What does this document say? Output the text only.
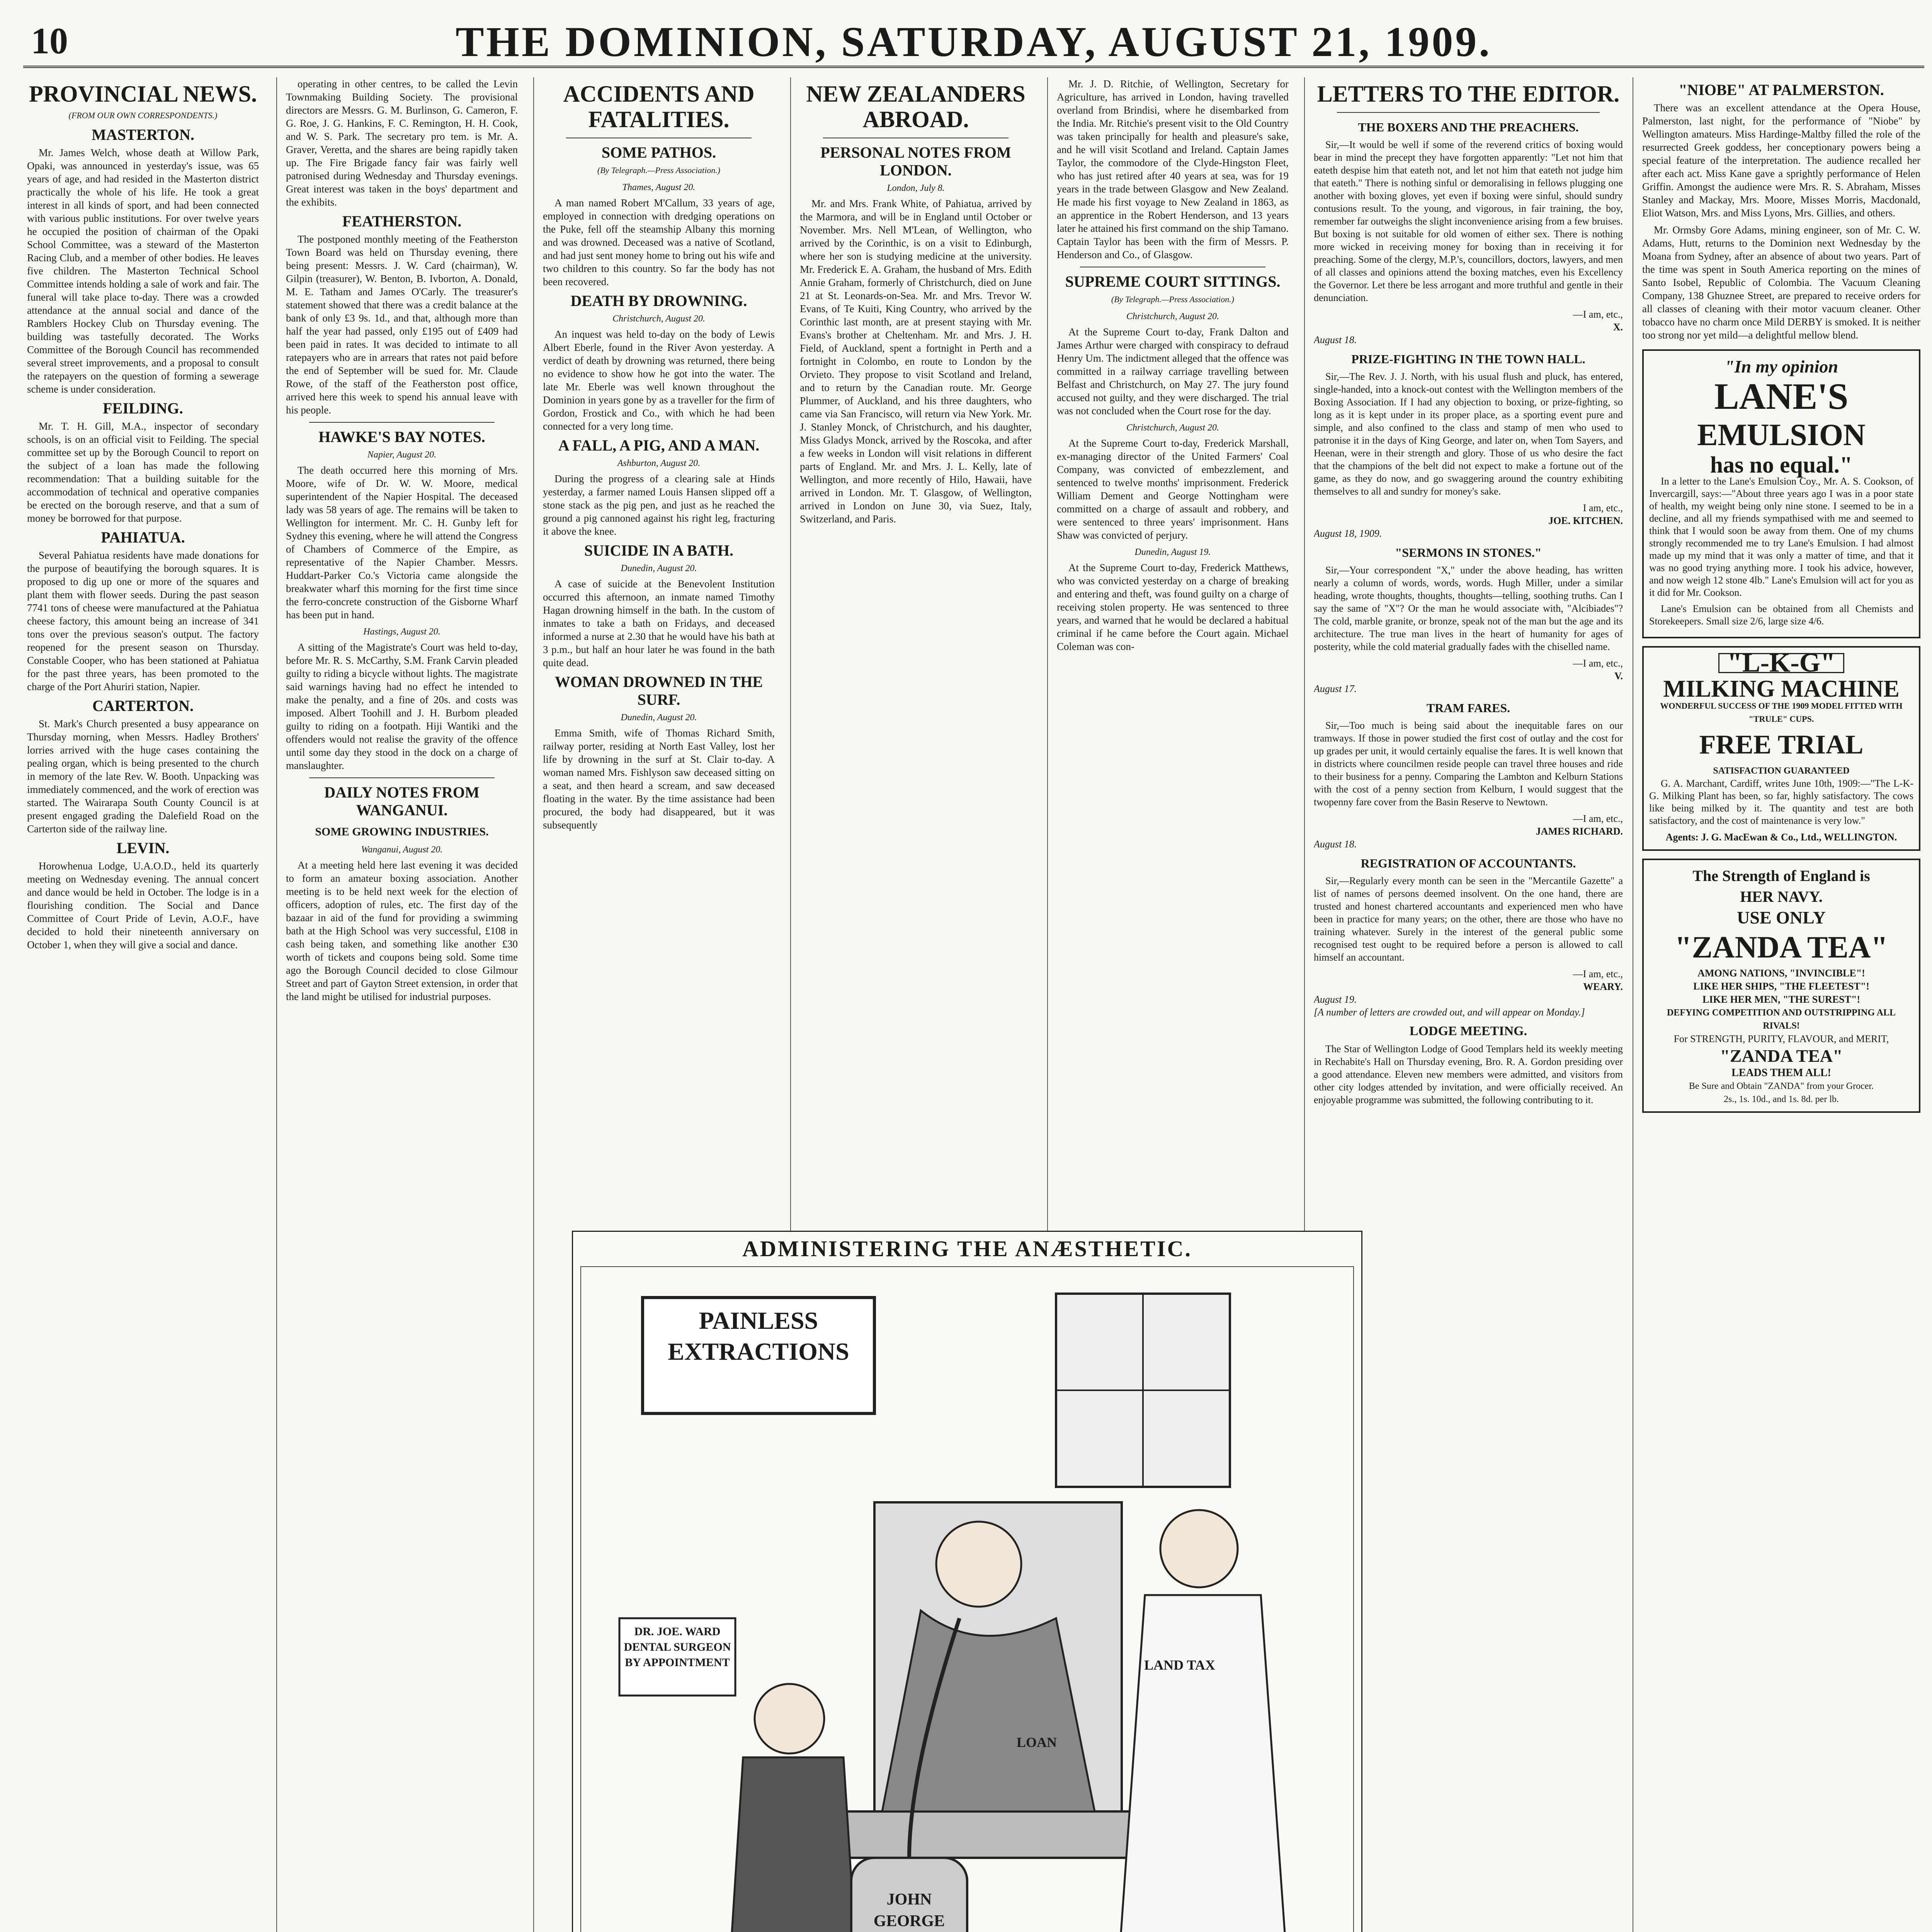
10	THE DOMINION, SATURDAY, AUGUST 21, 1909.
PROVINCIAL NEWS.
(FROM OUR OWN CORRESPONDENTS.)
MASTERTON.

Mr. James Welch, whose death at Willow Park, Opaki, was announced in yesterday's issue, was 65 years of age, and had resided in the Masterton district practically the whole of his life. He took a great interest in all kinds of sport, and had been connected with various public institutions. For over twelve years he occupied the position of chairman of the Opaki School Committee, was a steward of the Masterton Racing Club, and a member of other bodies. He leaves five children. The Masterton Technical School Committee intends holding a sale of work and fair. The funeral will take place to-day. There was a crowded attendance at the annual social and dance of the Ramblers Hockey Club on Thursday evening. The building was tastefully decorated. The Works Committee of the Borough Council has recommended several street improvements, and a proposal to consult the ratepayers on the question of forming a sewerage scheme is under consideration.

FEILDING.

Mr. T. H. Gill, M.A., inspector of secondary schools, is on an official visit to Feilding. The special committee set up by the Borough Council to report on the subject of a loan has made the following recommendation: That a building suitable for the accommodation of technical and operative companies be erected on the borough reserve, and that a sum of money be borrowed for that purpose.

PAHIATUA.

Several Pahiatua residents have made donations for the purpose of beautifying the borough squares. It is proposed to dig up one or more of the squares and plant them with flower seeds. During the past season 7741 tons of cheese were manufactured at the Pahiatua cheese factory, this amount being an increase of 341 tons over the previous season's output. The factory reopened for the present season on Thursday. Constable Cooper, who has been stationed at Pahiatua for the past three years, has been promoted to the charge of the Port Ahuriri station, Napier.

CARTERTON.

St. Mark's Church presented a busy appearance on Thursday morning, when Messrs. Hadley Brothers' lorries arrived with the huge cases containing the pealing organ, which is being presented to the church in memory of the late Rev. W. Booth. Unpacking was immediately commenced, and the work of erection was started. The Wairarapa South County Council is at present engaged grading the Dalefield Road on the Carterton side of the railway line.

LEVIN.

Horowhenua Lodge, U.A.O.D., held its quarterly meeting on Wednesday evening. The annual concert and dance would be held in October. The lodge is in a flourishing condition. The Social and Dance Committee of Court Pride of Levin, A.O.F., have decided to hold their nineteenth anniversary on October 1, when they will give a social and dance.

operating in other centres, to be called the Levin Townmaking Building Society. The provisional directors are Messrs. G. M. Burlinson, G. Cameron, F. G. Roe, J. G. Hankins, F. C. Remington, H. H. Cook, and W. S. Park. The secretary pro tem. is Mr. A. Graver, Veretta, and the shares are being rapidly taken up. The Fire Brigade fancy fair was fairly well patronised during Wednesday and Thursday evenings. Great interest was taken in the boys' department and the exhibits.

FEATHERSTON.

The postponed monthly meeting of the Featherston Town Board was held on Thursday evening, there being present: Messrs. J. W. Card (chairman), W. Gilpin (treasurer), W. Benton, B. Ivborton, A. Donald, M. E. Tatham and James O'Carly. The treasurer's statement showed that there was a credit balance at the bank of only £3 9s. 1d., and that, although more than half the year had passed, only £195 out of £409 had been paid in rates. It was decided to intimate to all ratepayers who are in arrears that rates not paid before the end of September will be sued for. Mr. Claude Rowe, of the staff of the Featherston post office, arrived here this week to spend his annual leave with his people.

HAWKE'S BAY NOTES.
Napier, August 20.

The death occurred here this morning of Mrs. Moore, wife of Dr. W. W. Moore, medical superintendent of the Napier Hospital. The deceased lady was 58 years of age. The remains will be taken to Wellington for interment. Mr. C. H. Gunby left for Sydney this evening, where he will attend the Congress of Chambers of Commerce of the Empire, as representative of the Napier Chamber. Messrs. Huddart-Parker Co.'s Victoria came alongside the breakwater wharf this morning for the first time since the ferro-concrete construction of the Gisborne Wharf has been put in hand.

Hastings, August 20.

A sitting of the Magistrate's Court was held to-day, before Mr. R. S. McCarthy, S.M. Frank Carvin pleaded guilty to riding a bicycle without lights. The magistrate said warnings having had no effect he intended to make the penalty, and a fine of 20s. and costs was imposed. Albert Toohill and J. H. Burbom pleaded guilty to riding on a footpath. Hiji Wantiki and the offenders would not realise the gravity of the offence until some day they stood in the dock on a charge of manslaughter.

DAILY NOTES FROM WANGANUI.
SOME GROWING INDUSTRIES.
Wanganui, August 20.

At a meeting held here last evening it was decided to form an amateur boxing association. Another meeting is to be held next week for the election of officers, adoption of rules, etc. The first day of the bazaar in aid of the fund for providing a swimming bath at the High School was very successful, £108 in cash being taken, and something like another £30 worth of tickets and coupons being sold. Some time ago the Borough Council decided to close Gilmour Street and part of Gayton Street extension, in order that the land might be utilised for industrial purposes.

ACCIDENTS AND FATALITIES.
SOME PATHOS.
(By Telegraph.—Press Association.)
Thames, August 20.

A man named Robert M'Callum, 33 years of age, employed in connection with dredging operations on the Puke, fell off the steamship Albany this morning and was drowned. Deceased was a native of Scotland, and had just sent money home to bring out his wife and two children to this country. So far the body has not been recovered.

DEATH BY DROWNING.
Christchurch, August 20.

An inquest was held to-day on the body of Lewis Albert Eberle, found in the River Avon yesterday. A verdict of death by drowning was returned, there being no evidence to show how he got into the water. The late Mr. Eberle was well known throughout the Dominion in years gone by as a traveller for the firm of Gordon, Frostick and Co., with which he had been connected for a very long time.

A FALL, A PIG, AND A MAN.
Ashburton, August 20.

During the progress of a clearing sale at Hinds yesterday, a farmer named Louis Hansen slipped off a stone stack as the pig pen, and just as he reached the ground a pig cannoned against his right leg, fracturing it above the knee.

SUICIDE IN A BATH.
Dunedin, August 20.

A case of suicide at the Benevolent Institution occurred this afternoon, an inmate named Timothy Hagan drowning himself in the bath. In the custom of inmates to take a bath on Fridays, and deceased informed a nurse at 2.30 that he would have his bath at 3 p.m., but half an hour later he was found in the bath quite dead.

WOMAN DROWNED IN THE SURF.
Dunedin, August 20.

Emma Smith, wife of Thomas Richard Smith, railway porter, residing at North East Valley, lost her life by drowning in the surf at St. Clair to-day. A woman named Mrs. Fishlyson saw deceased sitting on a seat, and then heard a scream, and saw deceased floating in the water. By the time assistance had been procured, the body had disappeared, but it was subsequently

NEW ZEALANDERS ABROAD.
PERSONAL NOTES FROM LONDON.
London, July 8.

Mr. and Mrs. Frank White, of Pahiatua, arrived by the Marmora, and will be in England until October or November. Mrs. Nell M'Lean, of Wellington, who arrived by the Corinthic, is on a visit to Edinburgh, where her son is studying medicine at the university. Mr. Frederick E. A. Graham, the husband of Mrs. Edith Annie Graham, formerly of Christchurch, died on June 21 at St. Leonards-on-Sea. Mr. and Mrs. Trevor W. Evans, of Te Kuiti, King Country, who arrived by the Corinthic last month, are at present staying with Mr. Evans's brother at Cheltenham. Mr. and Mrs. J. H. Field, of Auckland, spent a fortnight in Perth and a fortnight in Colombo, en route to London by the Orvieto. They propose to visit Scotland and Ireland, and to return by the Canadian route. Mr. George Plummer, of Auckland, and his three daughters, who came via San Francisco, will return via New York. Mr. J. Stanley Monck, of Christchurch, and his daughter, Miss Gladys Monck, arrived by the Roscoka, and after a few weeks in London will visit relations in different parts of England. Mr. and Mrs. J. L. Kelly, late of Wellington, and more recently of Hilo, Hawaii, have arrived in London. Mr. T. Glasgow, of Wellington, arrived in London on June 30, via Suez, Italy, Switzerland, and Paris.

Mr. J. D. Ritchie, of Wellington, Secretary for Agriculture, has arrived in London, having travelled overland from Brindisi, where he disembarked from the India. Mr. Ritchie's present visit to the Old Country was taken principally for health and pleasure's sake, and he will visit Scotland and Ireland. Captain James Taylor, the commodore of the Clyde-Hingston Fleet, who has just retired after 40 years at sea, was for 19 years in the trade between Glasgow and New Zealand. He made his first voyage to New Zealand in 1863, as an apprentice in the Robert Henderson, and 13 years later he attained his first command on the ship Tamano. Captain Taylor has been with the firm of Messrs. P. Henderson and Co., of Glasgow.

SUPREME COURT SITTINGS.
(By Telegraph.—Press Association.)
Christchurch, August 20.

At the Supreme Court to-day, Frank Dalton and James Arthur were charged with conspiracy to defraud Henry Um. The indictment alleged that the offence was committed in a railway carriage travelling between Belfast and Christchurch, on May 27. The jury found accused not guilty, and they were discharged. The trial was not concluded when the Court rose for the day.

Christchurch, August 20.

At the Supreme Court to-day, Frederick Marshall, ex-managing director of the United Farmers' Coal Company, was convicted of embezzlement, and sentenced to twelve months' imprisonment. Frederick William Dement and George Nottingham were committed on a charge of assault and robbery, and were sentenced to three years' imprisonment. Hans Shaw was convicted of perjury.

Dunedin, August 19.

At the Supreme Court to-day, Frederick Matthews, who was convicted yesterday on a charge of breaking and entering and theft, was found guilty on a charge of receiving stolen property. He was sentenced to three years, and warned that he would be declared a habitual criminal if he came before the Court again. Michael Coleman was con-

LETTERS TO THE EDITOR.
THE BOXERS AND THE PREACHERS.

Sir,—It would be well if some of the reverend critics of boxing would bear in mind the precept they have forgotten apparently: "Let not him that eateth despise him that eateth not, and let not him that eateth not judge him that eateth." There is nothing sinful or demoralising in fellows plugging one another with boxing gloves, yet even if boxing were sinful, should sundry contusions result. To the young, and vigorous, in fair training, the boy, remember far outweighs the slight inconvenience arising from a few bruises. But boxing is not suitable for old women of either sex. There is nothing more wicked in receiving money for boxing than in receiving it for preaching. Some of the clergy, M.P.'s, councillors, doctors, lawyers, and men of all classes and opinions attend the boxing matches, even his Excellency the Governor. Let there be less arrogant and more truthful and gentle in their denunciation.

—I am, etc.,
X.
August 18.
PRIZE-FIGHTING IN THE TOWN HALL.

Sir,—The Rev. J. J. North, with his usual flush and pluck, has entered, single-handed, into a knock-out contest with the Wellington members of the Boxing Association. If I had any objection to boxing, or prize-fighting, so long as it is kept under in its proper place, as a sporting event pure and simple, and also confined to the class and stamp of men who used to patronise it in the days of King George, and later on, when Tom Sayers, and Heenan, were in their strength and glory. Those of us who desire the fact that the champions of the belt did not expect to make a fortune out of the game, as they do now, and go swaggering around the country exhibiting themselves to all and sundry for money's sake.

I am, etc.,
JOE. KITCHEN.
August 18, 1909.
"SERMONS IN STONES."

Sir,—Your correspondent "X," under the above heading, has written nearly a column of words, words, words. Hugh Miller, under a similar heading, wrote thoughts, thoughts, thoughts—telling, soothing truths. Can I say the same of "X"? Or the man he would associate with, "Alcibiades"? The cold, marble granite, or bronze, speak not of the man but the age and its architecture. The true man lives in the heart of humanity for ages of posterity, while the cold material gradually fades with the chiselled name.

—I am, etc.,
V.
August 17.
TRAM FARES.

Sir,—Too much is being said about the inequitable fares on our tramways. If those in power studied the first cost of outlay and the cost for up grades per unit, it would certainly equalise the fares. It is well known that in districts where councilmen reside people can travel three houses and ride to their business for a penny. Comparing the Lambton and Kelburn Stations with the cost of a penny section from Kelburn, I would suggest that the twopenny fare cover from the Basin Reserve to Newtown.

—I am, etc.,
JAMES RICHARD.
August 18.
REGISTRATION OF ACCOUNTANTS.

Sir,—Regularly every month can be seen in the "Mercantile Gazette" a list of names of persons deemed insolvent. On the one hand, there are trusted and honest chartered accountants and experienced men who have been in practice for many years; on the other, there are those who have no training whatever. Surely in the interest of the general public some recognised test ought to be required before a person is allowed to call himself an accountant.

—I am, etc.,
WEARY.
August 19.

[A number of letters are crowded out, and will appear on Monday.]

LODGE MEETING.

The Star of Wellington Lodge of Good Templars held its weekly meeting in Rechabite's Hall on Thursday evening, Bro. R. A. Gordon presiding over a good attendance. Eleven new members were admitted, and visitors from other city lodges attended by invitation, and were officially received. An enjoyable programme was submitted, the following contributing to it.

"NIOBE" AT PALMERSTON.

There was an excellent attendance at the Opera House, Palmerston, last night, for the performance of "Niobe" by Wellington amateurs. Miss Hardinge-Maltby filled the role of the resurrected Greek goddess, her conceptionary powers being a special feature of the interpretation. The audience recalled her after each act. Miss Kane gave a sprightly performance of Helen Griffin. Amongst the audience were Mrs. R. S. Abraham, Misses Stanley and Mackay, Mrs. Moore, Misses Morris, Macdonald, Eliot Watson, Mrs. and Miss Lyons, Mrs. Gillies, and others.

Mr. Ormsby Gore Adams, mining engineer, son of Mr. C. W. Adams, Hutt, returns to the Dominion next Wednesday by the Moana from Sydney, after an absence of about two years. Part of the time was spent in South America reporting on the mines of Santo Isobel, Republic of Colombia. The Vacuum Cleaning Company, 138 Ghuznee Street, are prepared to receive orders for all classes of cleaning with their motor vacuum cleaner. Other tobacco have no charm once Mild DERBY is smoked. It is neither too strong nor yet mild—a delightful mellow blend.

"In my opinion
LANE'S
EMULSION
has no equal."

In a letter to the Lane's Emulsion Coy., Mr. A. S. Cookson, of Invercargill, says:—"About three years ago I was in a poor state of health, my weight being only nine stone. I seemed to be in a decline, and all my friends sympathised with me and seemed to think that I would soon be away from them. One of my chums strongly recommended me to try Lane's Emulsion. I had almost made up my mind that it was only a matter of time, and that it was no good trying anything more. I took his advice, however, and now weigh 12 stone 4lb." Lane's Emulsion will act for you as it did for Mr. Cookson.

Lane's Emulsion can be obtained from all Chemists and Storekeepers. Small size 2/6, large size 4/6.

"L-K-G"
MILKING MACHINE
WONDERFUL SUCCESS OF THE 1909 MODEL FITTED WITH "TRULE" CUPS.
FREE TRIAL
SATISFACTION GUARANTEED

G. A. Marchant, Cardiff, writes June 10th, 1909:—"The L-K-G. Milking Plant has been, so far, highly satisfactory. The cows like being milked by it. The quantity and test are both satisfactory, and the cost of maintenance is very low."

Agents: J. G. MacEwan & Co., Ltd., WELLINGTON.
The Strength of England is
HER NAVY.
USE ONLY
"ZANDA TEA"
AMONG NATIONS, "INVINCIBLE"!
LIKE HER SHIPS, "THE FLEETEST"!
LIKE HER MEN, "THE SUREST"!
DEFYING COMPETITION AND OUTSTRIPPING ALL RIVALS!
For STRENGTH, PURITY, FLAVOUR, and MERIT,
"ZANDA TEA"
LEADS THEM ALL!
Be Sure and Obtain "ZANDA" from your Grocer.
2s., 1s. 10d., and 1s. 8d. per lb.
ADMINISTERING THE ANÆSTHETIC.
PAINLESS EXTRACTIONS
DR. JOE. WARD DENTAL SURGEON BY APPOINTMENT
JOHN GEORGE
LAND TAX
LOAN
